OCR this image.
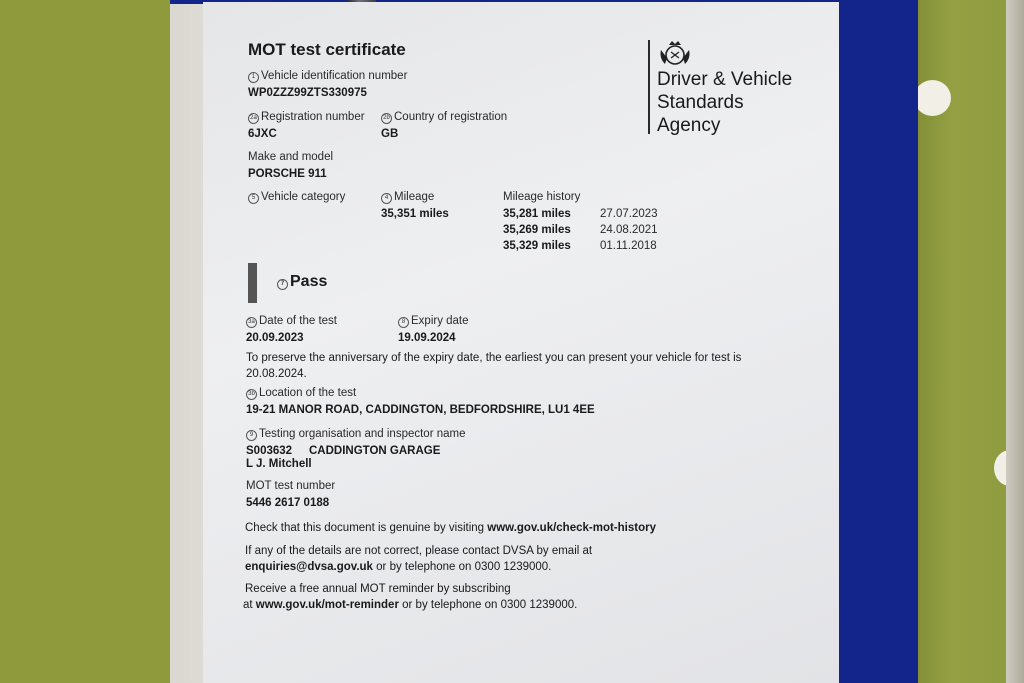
MOT test certificate
1 Vehicle identification number
WP0ZZZ99ZTS330975
2a Registration number
6JXC
2b Country of registration
GB
Make and model
PORSCHE 911
5 Vehicle category	4 Mileage
35,351 miles
Mileage history
35,281 miles	27.07.2023
35,269 miles	24.08.2021
35,329 miles	01.11.2018
7 Pass
3a Date of the test
20.09.2023
8 Expiry date
19.09.2024
To preserve the anniversary of the expiry date, the earliest you can present your vehicle for test is
20.08.2024.
3b Location of the test
19-21 MANOR ROAD, CADDINGTON, BEDFORDSHIRE, LU1 4EE
9 Testing organisation and inspector name
S003632 CADDINGTON GARAGE
L J. Mitchell
MOT test number
5446 2617 0188
Check that this document is genuine by visiting www.gov.uk/check-mot-history
If any of the details are not correct, please contact DVSA by email at
enquiries@dvsa.gov.uk or by telephone on 0300 1239000.
Receive a free annual MOT reminder by subscribing
at www.gov.uk/mot-reminder or by telephone on 0300 1239000.
Driver & Vehicle
Standards
Agency
